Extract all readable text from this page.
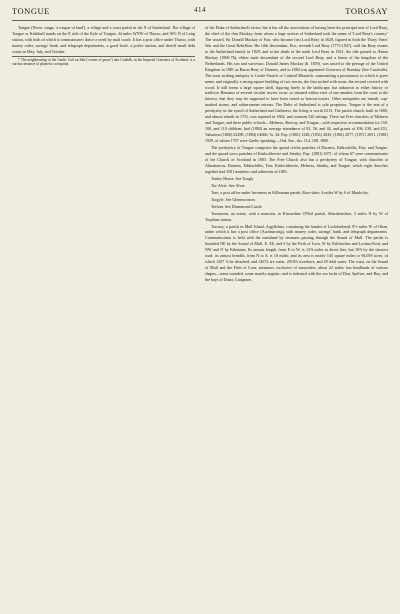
TONGUE	414	TOROSAY

Tongue (Norse, tunga, 'a tongue of land'), a village and a coast parish in the N of Sutherland. The village of Tongue or Kirkibull stands on the E side of the Kyle of Tongue, 44 miles WNW of Thurso, and 38½ N of Lairg station, with both of which it communicates thrice a week by mail coach. It has a post office under Thurso, with money order, savings' bank, and telegraph departments, a good hotel, a police station, and sheriff small debt courts in May, July, and October.

* The neighbouring of the Gaelic Cuil na Sith ('corner of peace') into Cuiledh, in the Imperial Gazetteer of Scotland, is a curious instance of phonetic corruption.

of the Duke of Sutherland's factor, but it has all the associations of having been the principal seat of Lord Reay, the chief of the clan Mackay, from whom a large section of Sutherland took the name of 'Lord Reay's country.' The wizard, Sir Donald Mackay of Farr, who became first Lord Reay in 1628, figured in both the Thirty Years' War and the Great Rebellion. His fifth descendant, Eric, seventh Lord Reay (1773-1847), sold the Reay estates to the Sutherland family in 1829; and at the death of the tenth Lord Reay in 1921, the title passed to Æneas Mackay (1806-76), eldest male descendant of the second Lord Reay, and a baron of the kingdom of the Netherlands. His son and successor, Donald James Mackay (b. 1839), was raised to the peerage of the United Kingdom in 1881 as Baron Reay of Durness, and in 1884 was appointed Governor of Bombay (See Carolside). The most striking antiquity is Castle-Varrich or Caisteal Bharaich, surmounting a promontory to which it gives name, and originally a strong square building of two stories, the first arched with stone, the second covered with wood. It still forms a large square shell, figuring finely in the landscape, but unknown to either history or tradition. Remains of several circular towers occur, so situated within view of one another, from the coast to the interior, that they may be supposed to have been raised as beacon-towers. Other antiquities are tumuli, cup-marked stones, and subterranean retreats. The Duke of Sutherland is sole proprietor. Tongue is the seat of a presbytery in the synod of Sutherland and Caithness; the living is worth £213. The parish church, built in 1680, and almost rebuilt in 1731, was repaired in 1862, and contains 520 sittings. There are Free churches of Melness and Tongue; and three public schools—Melness, Skerray, and Tongue—with respective accommodation for 150, 100, and 110 children, had (1884) an average attendance of 92, 56, and 44, and grants of £96, £38, and £51. Valuation (1860) £2298, (1884) £4660, 5s. 3d. Pop. (1801) 1348, (1831) 2030, (1861) 2077, (1871) 2051, (1881) 1929, of whom 1707 were Gaelic-speaking.—Ord. Sur., shs. 114, 108, 1880.

The presbytery of Tongue comprises the quoad civilia parishes of Durness, Eddrachillis, Farr, and Tongue, and the quoad sacra parishes of Kinlochbervie and Strathy. Pop. (1881) 6371, of whom 67 were communicants of the Church of Scotland in 1883. The Free Church also has a presbytery of Tongue, with churches at Altnaharrow, Durness, Eddrachillis, Farr, Kinlochbervie, Melness, Strathy, and Tongue, which eight churches together had 3581 members and adherents in 1883.

Tonley House. See Tough.

Tor-Alvie. See Alvie.

Tore, a post office under Inverness in Killearnan parish, Ross-shire, 4 miles W by S of Munlochy.

Torgyle. See Glenmoriston.

Torlum. See Drummond Castle.

Tornaveen, an estate, with a mansion, in Kincardine O'Neil parish, Aberdeenshire, 3 miles N by W of Torphins station.

Torosay, a parish in Mull Island, Argyllshire, containing the hamlet of Lochdonhead, 8½ miles W of Oban, under which it has a post office (Auchnacraig), with money order, savings' bank, and telegraph departments. Communication is held with the mainland by steamers passing through the Sound of Mull. The parish is bounded NE by the Sound of Mull, E, SE, and S by the Firth of Lorn, W by Kilfinichen and Lochna-Keal, and NW and N by Kilninian. Its utmost length, from E to W, is 12⅜ miles in direct line, but 18⅞ by the shortest road; its utmost breadth, from N to S, is 10 miles; and its area is nearly 145 square miles or 94,059 acres, of which 1207 ⅞ be detached, and 14672 are water, 2018⅞ foreshore, and 29 tidal water. The coast, on the Sound of Mull and the Firth of Lorn, measures, exclusive of sinuosities, about 22 miles; has headlands of various shapes—some rounded, some acutely angular; and is indented with the sea lochs of Don, Spelvie, and Buy, and the bays of Duart, Craignure,
